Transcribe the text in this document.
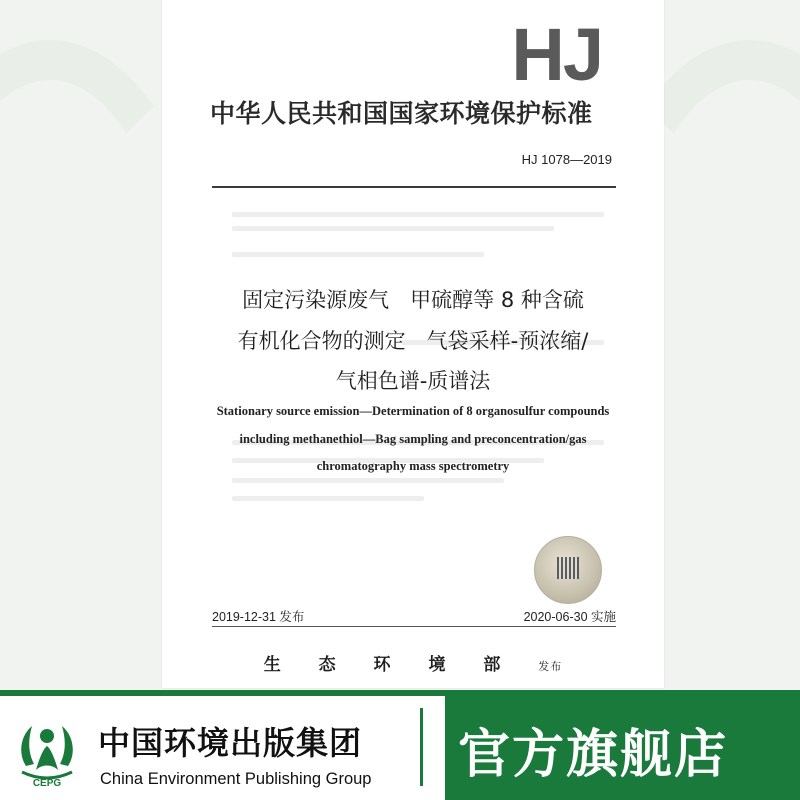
HJ
中华人民共和国国家环境保护标准
HJ 1078—2019
固定污染源废气　甲硫醇等 8 种含硫
有机化合物的测定　气袋采样-预浓缩/
气相色谱-质谱法
Stationary source emission—Determination of 8 organosulfur compounds
including methanethiol—Bag sampling and preconcentration/gas
chromatography mass spectrometry
2019-12-31 发布	2020-06-30 实施
生 态 环 境 部 发布
CEPG
中国环境出版集团
China Environment Publishing Group 官方旗舰店
